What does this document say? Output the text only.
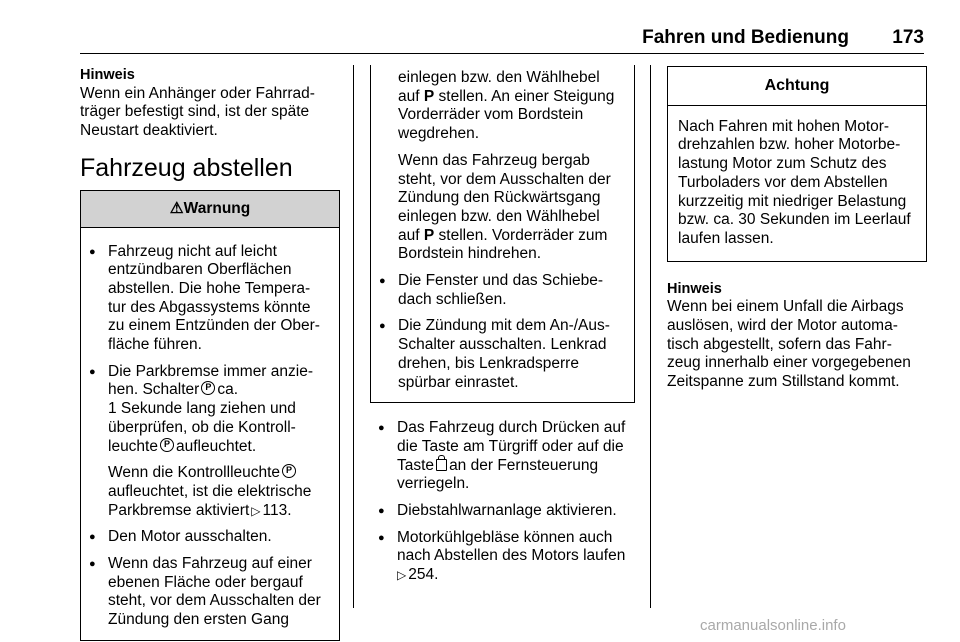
Fahren und Bedienung 173
Hinweis
Wenn ein Anhänger oder Fahrrad-
träger befestigt sind, ist der späte
Neustart deaktiviert.
Fahrzeug abstellen
⚠Warnung
● Fahrzeug nicht auf leicht
entzündbaren Oberflächen
abstellen. Die hohe Tempera-
tur des Abgassystems könnte
zu einem Entzünden der Ober-
fläche führen.
● Die Parkbremse immer anzie-
hen. Schalter P ca.
1 Sekunde lang ziehen und
überprüfen, ob die Kontroll-
leuchte P aufleuchtet.
Wenn die KontrollleuchteP
aufleuchtet, ist die elektrische
Parkbremse aktiviert ▷ 113.
● Den Motor ausschalten.
● Wenn das Fahrzeug auf einer
ebenen Fläche oder bergauf
steht, vor dem Ausschalten der
Zündung den ersten Gang
einlegen bzw. den Wählhebel
auf P stellen. An einer Steigung
Vorderräder vom Bordstein
wegdrehen.
Wenn das Fahrzeug bergab
steht, vor dem Ausschalten der
Zündung den Rückwärtsgang
einlegen bzw. den Wählhebel
auf P stellen. Vorderräder zum
Bordstein hindrehen.
● Die Fenster und das Schiebe-
dach schließen.
● Die Zündung mit dem An-/Aus-
Schalter ausschalten. Lenkrad
drehen, bis Lenkradsperre
spürbar einrastet.
● Das Fahrzeug durch Drücken auf
die Taste am Türgriff oder auf die
Taste an der Fernsteuerung
verriegeln.
● Diebstahlwarnanlage aktivieren.
● Motorkühlgebläse können auch
nach Abstellen des Motors laufen
▷ 254.
Achtung
Nach Fahren mit hohen Motor-
drehzahlen bzw. hoher Motorbe-
lastung Motor zum Schutz des
Turboladers vor dem Abstellen
kurzzeitig mit niedriger Belastung
bzw. ca. 30 Sekunden im Leerlauf
laufen lassen.
Hinweis
Wenn bei einem Unfall die Airbags
auslösen, wird der Motor automa-
tisch abgestellt, sofern das Fahr-
zeug innerhalb einer vorgegebenen
Zeitspanne zum Stillstand kommt.
carmanualsonline.info
